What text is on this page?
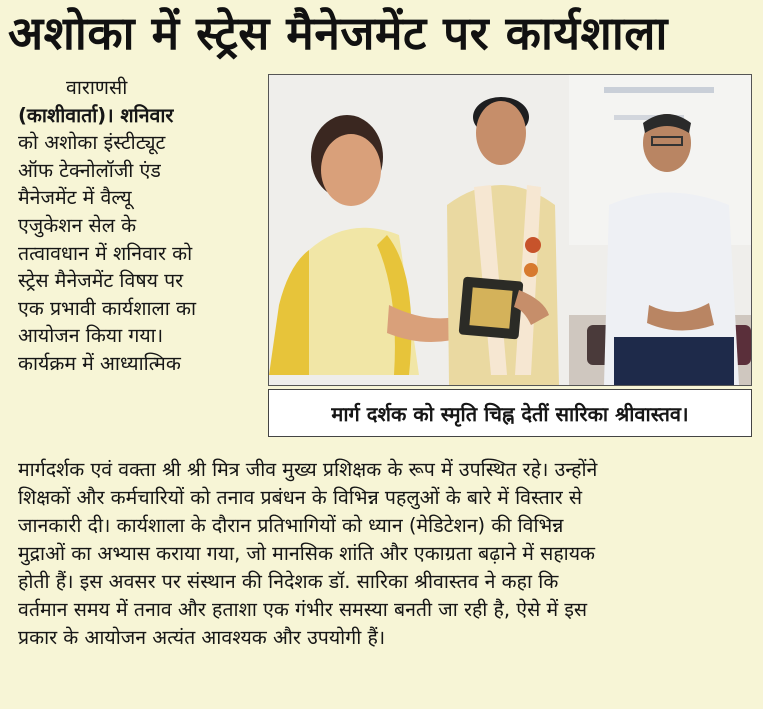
अशोका में स्ट्रेस मैनेजमेंट पर कार्यशाला
वाराणसी
(काशीवार्ता)। शनिवार
को अशोका इंस्टीट्यूट
ऑफ टेक्नोलॉजी एंड
मैनेजमेंट में वैल्यू
एजुकेशन सेल के
तत्वावधान में शनिवार को
स्ट्रेस मैनेजमेंट विषय पर
एक प्रभावी कार्यशाला का
आयोजन किया गया।
कार्यक्रम में आध्यात्मिक
मार्ग दर्शक को स्मृति चिह्न देतीं सारिका श्रीवास्तव।
मार्गदर्शक एवं वक्ता श्री श्री मित्र जीव मुख्य प्रशिक्षक के रूप में उपस्थित रहे। उन्होंने
शिक्षकों और कर्मचारियों को तनाव प्रबंधन के विभिन्न पहलुओं के बारे में विस्तार से
जानकारी दी। कार्यशाला के दौरान प्रतिभागियों को ध्यान (मेडिटेशन) की विभिन्न
मुद्राओं का अभ्यास कराया गया, जो मानसिक शांति और एकाग्रता बढ़ाने में सहायक
होती हैं। इस अवसर पर संस्थान की निदेशक डॉ. सारिका श्रीवास्तव ने कहा कि
वर्तमान समय में तनाव और हताशा एक गंभीर समस्या बनती जा रही है, ऐसे में इस
प्रकार के आयोजन अत्यंत आवश्यक और उपयोगी हैं।
